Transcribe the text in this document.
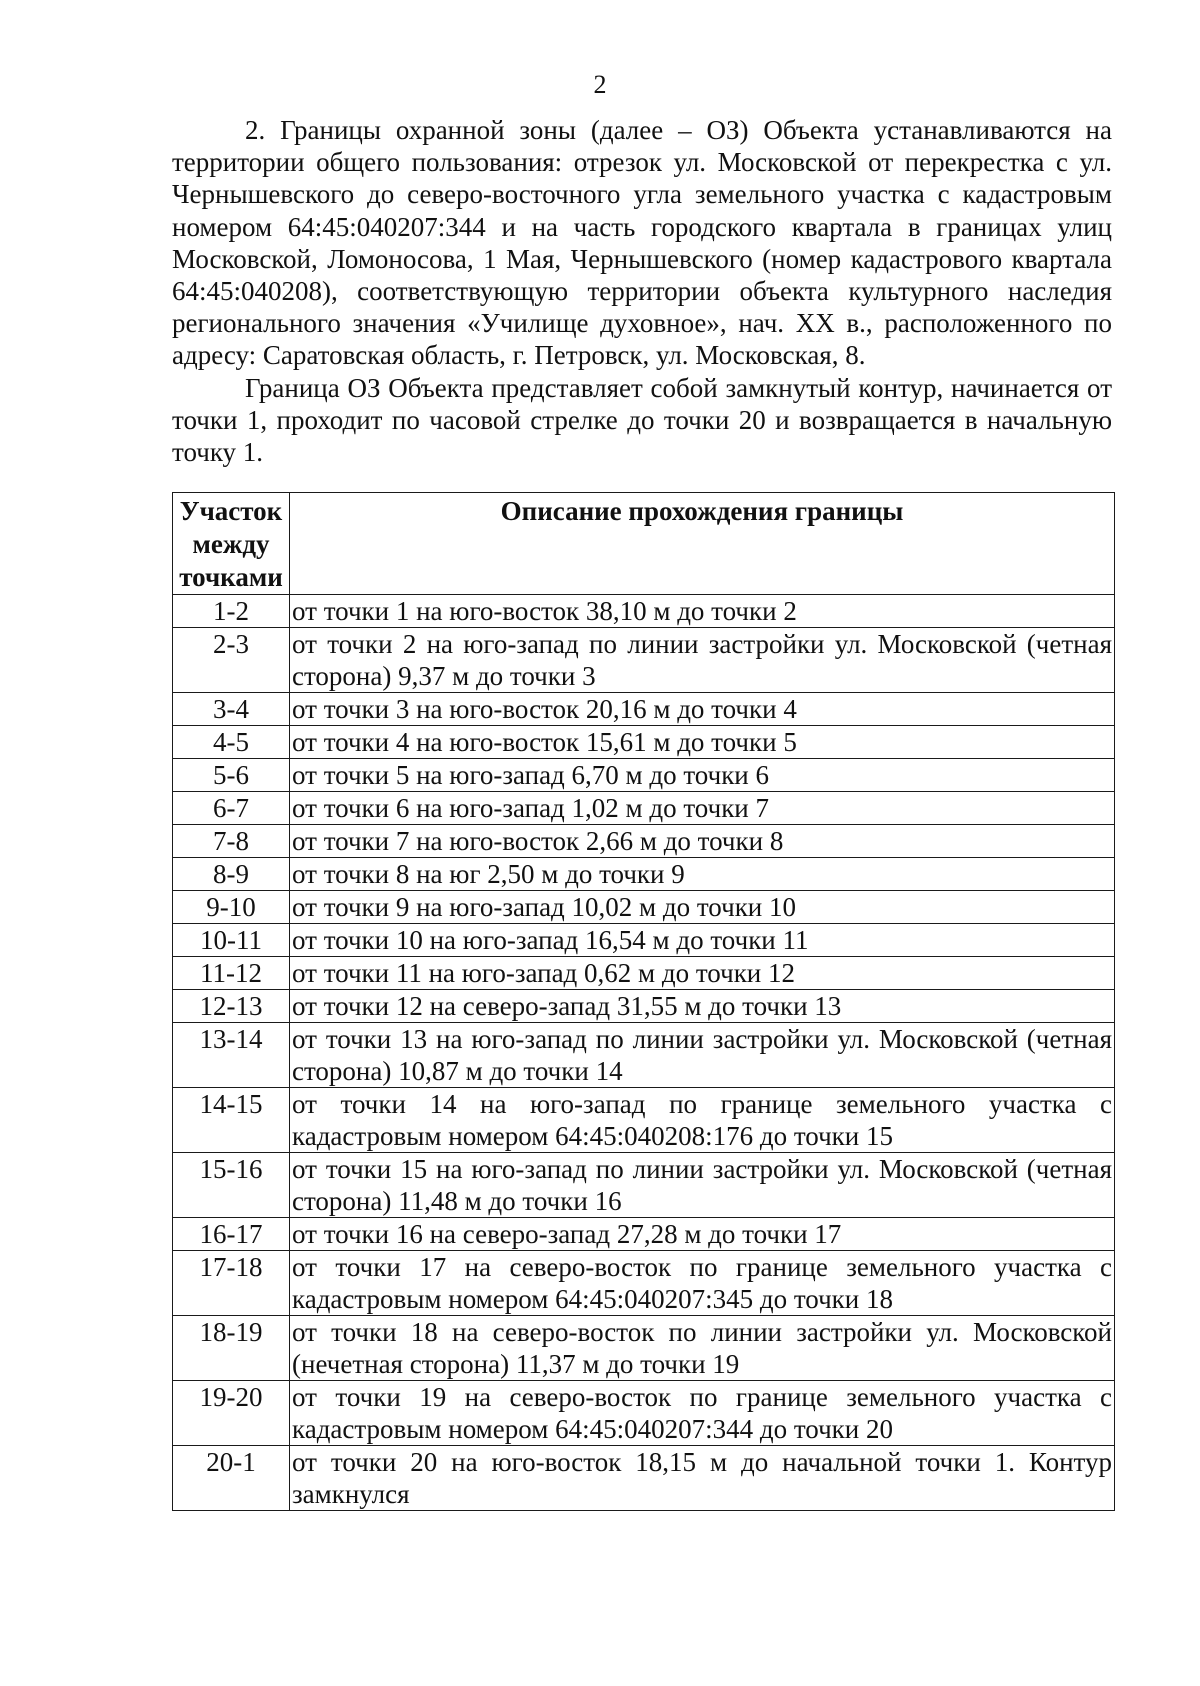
2

2. Границы охранной зоны (далее – ОЗ) Объекта устанавливаются на территории общего пользования: отрезок ул. Московской от перекрестка с ул. Чернышевского до северо-восточного угла земельного участка с кадастровым номером 64:45:040207:344 и на часть городского квартала в границах улиц Московской, Ломоносова, 1 Мая, Чернышевского (номер кадастрового квартала 64:45:040208), соответствующую территории объекта культурного наследия регионального значения «Училище духовное», нач. XX в., расположенного по адресу: Саратовская область, г. Петровск, ул. Московская, 8.

Граница ОЗ Объекта представляет собой замкнутый контур, начинается от точки 1, проходит по часовой стрелке до точки 20 и возвращается в начальную точку 1.

Участок
между
точками	Описание прохождения границы
1-2	от точки 1 на юго-восток 38,10 м до точки 2
2-3	от точки 2 на юго-запад по линии застройки ул. Московской (четная сторона) 9,37 м до точки 3
3-4	от точки 3 на юго-восток 20,16 м до точки 4
4-5	от точки 4 на юго-восток 15,61 м до точки 5
5-6	от точки 5 на юго-запад 6,70 м до точки 6
6-7	от точки 6 на юго-запад 1,02 м до точки 7
7-8	от точки 7 на юго-восток 2,66 м до точки 8
8-9	от точки 8 на юг 2,50 м до точки 9
9-10	от точки 9 на юго-запад 10,02 м до точки 10
10-11	от точки 10 на юго-запад 16,54 м до точки 11
11-12	от точки 11 на юго-запад 0,62 м до точки 12
12-13	от точки 12 на северо-запад 31,55 м до точки 13
13-14	от точки 13 на юго-запад по линии застройки ул. Московской (четная сторона) 10,87 м до точки 14
14-15	от точки 14 на юго-запад по границе земельного участка с кадастровым номером 64:45:040208:176 до точки 15
15-16	от точки 15 на юго-запад по линии застройки ул. Московской (четная сторона) 11,48 м до точки 16
16-17	от точки 16 на северо-запад 27,28 м до точки 17
17-18	от точки 17 на северо-восток по границе земельного участка с кадастровым номером 64:45:040207:345 до точки 18
18-19	от точки 18 на северо-восток по линии застройки ул. Московской (нечетная сторона) 11,37 м до точки 19
19-20	от точки 19 на северо-восток по границе земельного участка с кадастровым номером 64:45:040207:344 до точки 20
20-1	от точки 20 на юго-восток 18,15 м до начальной точки 1. Контур замкнулся
